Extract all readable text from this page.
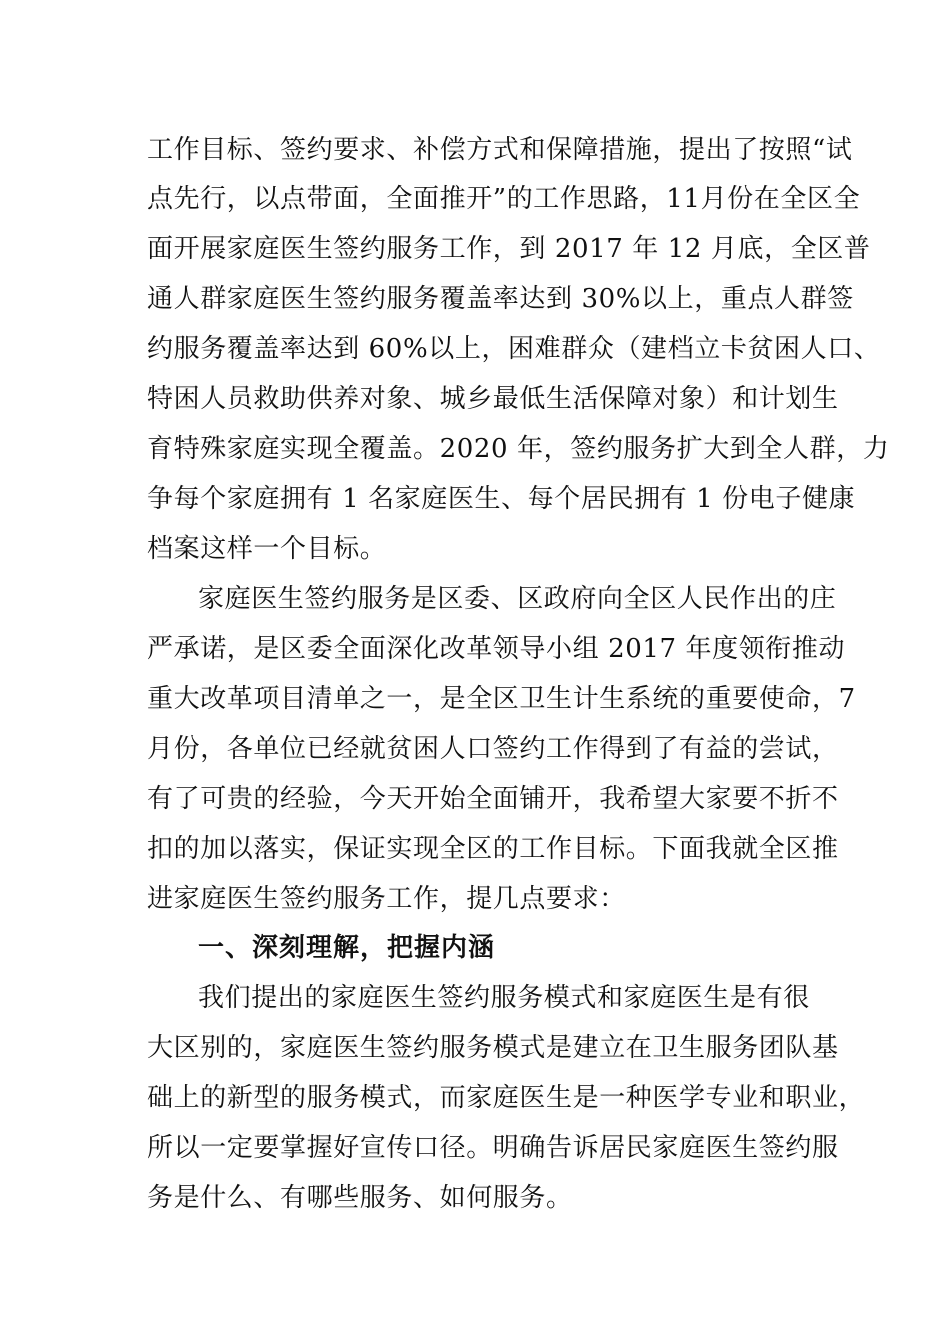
工作目标、签约要求、补偿方式和保障措施，提出了按照“试
点先行，以点带面，全面推开”的工作思路，11月份在全区全
面开展家庭医生签约服务工作，到 2017 年 12 月底，全区普
通人群家庭医生签约服务覆盖率达到 30%以上，重点人群签
约服务覆盖率达到 60%以上，困难群众（建档立卡贫困人口、
特困人员救助供养对象、城乡最低生活保障对象）和计划生
育特殊家庭实现全覆盖。2020 年，签约服务扩大到全人群，力
争每个家庭拥有 1 名家庭医生、每个居民拥有 1 份电子健康
档案这样一个目标。
家庭医生签约服务是区委、区政府向全区人民作出的庄
严承诺，是区委全面深化改革领导小组 2017 年度领衔推动
重大改革项目清单之一，是全区卫生计生系统的重要使命，7
月份，各单位已经就贫困人口签约工作得到了有益的尝试，
有了可贵的经验，今天开始全面铺开，我希望大家要不折不
扣的加以落实，保证实现全区的工作目标。下面我就全区推
进家庭医生签约服务工作，提几点要求：
一、深刻理解，把握内涵
我们提出的家庭医生签约服务模式和家庭医生是有很
大区别的，家庭医生签约服务模式是建立在卫生服务团队基
础上的新型的服务模式，而家庭医生是一种医学专业和职业，
所以一定要掌握好宣传口径。明确告诉居民家庭医生签约服
务是什么、有哪些服务、如何服务。
